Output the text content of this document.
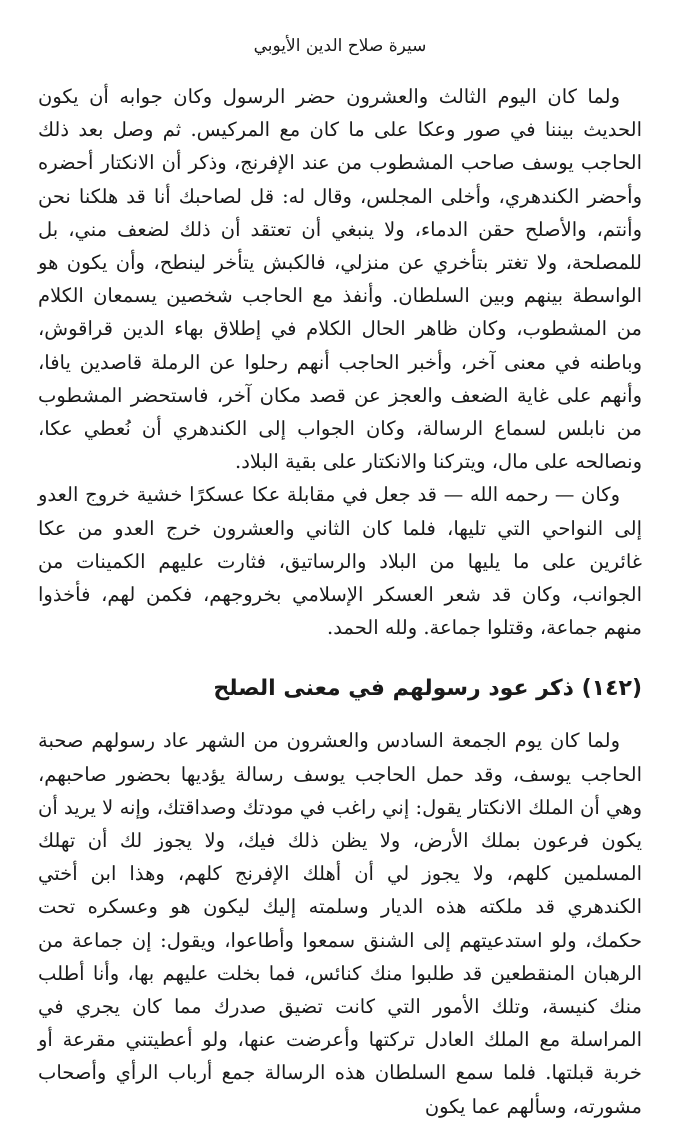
سيرة صلاح الدين الأيوبي

ولما كان اليوم الثالث والعشرون حضر الرسول وكان جوابه أن يكون الحديث بيننا في صور وعكا على ما كان مع المركيس. ثم وصل بعد ذلك الحاجب يوسف صاحب المشطوب من عند الإفرنج، وذكر أن الانكتار أحضره وأحضر الكندهري، وأخلى المجلس، وقال له: قل لصاحبك أنا قد هلكنا نحن وأنتم، والأصلح حقن الدماء، ولا ينبغي أن تعتقد أن ذلك لضعف مني، بل للمصلحة، ولا تغتر بتأخري عن منزلي، فالكبش يتأخر لينطح، وأن يكون هو الواسطة بينهم وبين السلطان. وأنفذ مع الحاجب شخصين يسمعان الكلام من المشطوب، وكان ظاهر الحال الكلام في إطلاق بهاء الدين قراقوش، وباطنه في معنى آخر، وأخبر الحاجب أنهم رحلوا عن الرملة قاصدين يافا، وأنهم على غاية الضعف والعجز عن قصد مكان آخر، فاستحضر المشطوب من نابلس لسماع الرسالة، وكان الجواب إلى الكندهري أن نُعطي عكا، ونصالحه على مال، ويتركنا والانكتار على بقية البلاد.

وكان — رحمه الله — قد جعل في مقابلة عكا عسكرًا خشية خروج العدو إلى النواحي التي تليها، فلما كان الثاني والعشرون خرج العدو من عكا غائرين على ما يليها من البلاد والرساتيق، فثارت عليهم الكمينات من الجوانب، وكان قد شعر العسكر الإسلامي بخروجهم، فكمن لهم، فأخذوا منهم جماعة، وقتلوا جماعة. ولله الحمد.

(١٤٢) ذكر عود رسولهم في معنى الصلح

ولما كان يوم الجمعة السادس والعشرون من الشهر عاد رسولهم صحبة الحاجب يوسف، وقد حمل الحاجب يوسف رسالة يؤديها بحضور صاحبهم، وهي أن الملك الانكتار يقول: إني راغب في مودتك وصداقتك، وإنه لا يريد أن يكون فرعون بملك الأرض، ولا يظن ذلك فيك، ولا يجوز لك أن تهلك المسلمين كلهم، ولا يجوز لي أن أهلك الإفرنج كلهم، وهذا ابن أختي الكندهري قد ملكته هذه الديار وسلمته إليك ليكون هو وعسكره تحت حكمك، ولو استدعيتهم إلى الشنق سمعوا وأطاعوا، ويقول: إن جماعة من الرهبان المنقطعين قد طلبوا منك كنائس، فما بخلت عليهم بها، وأنا أطلب منك كنيسة، وتلك الأمور التي كانت تضيق صدرك مما كان يجري في المراسلة مع الملك العادل تركتها وأعرضت عنها، ولو أعطيتني مقرعة أو خربة قبلتها. فلما سمع السلطان هذه الرسالة جمع أرباب الرأي وأصحاب مشورته، وسألهم عما يكون
